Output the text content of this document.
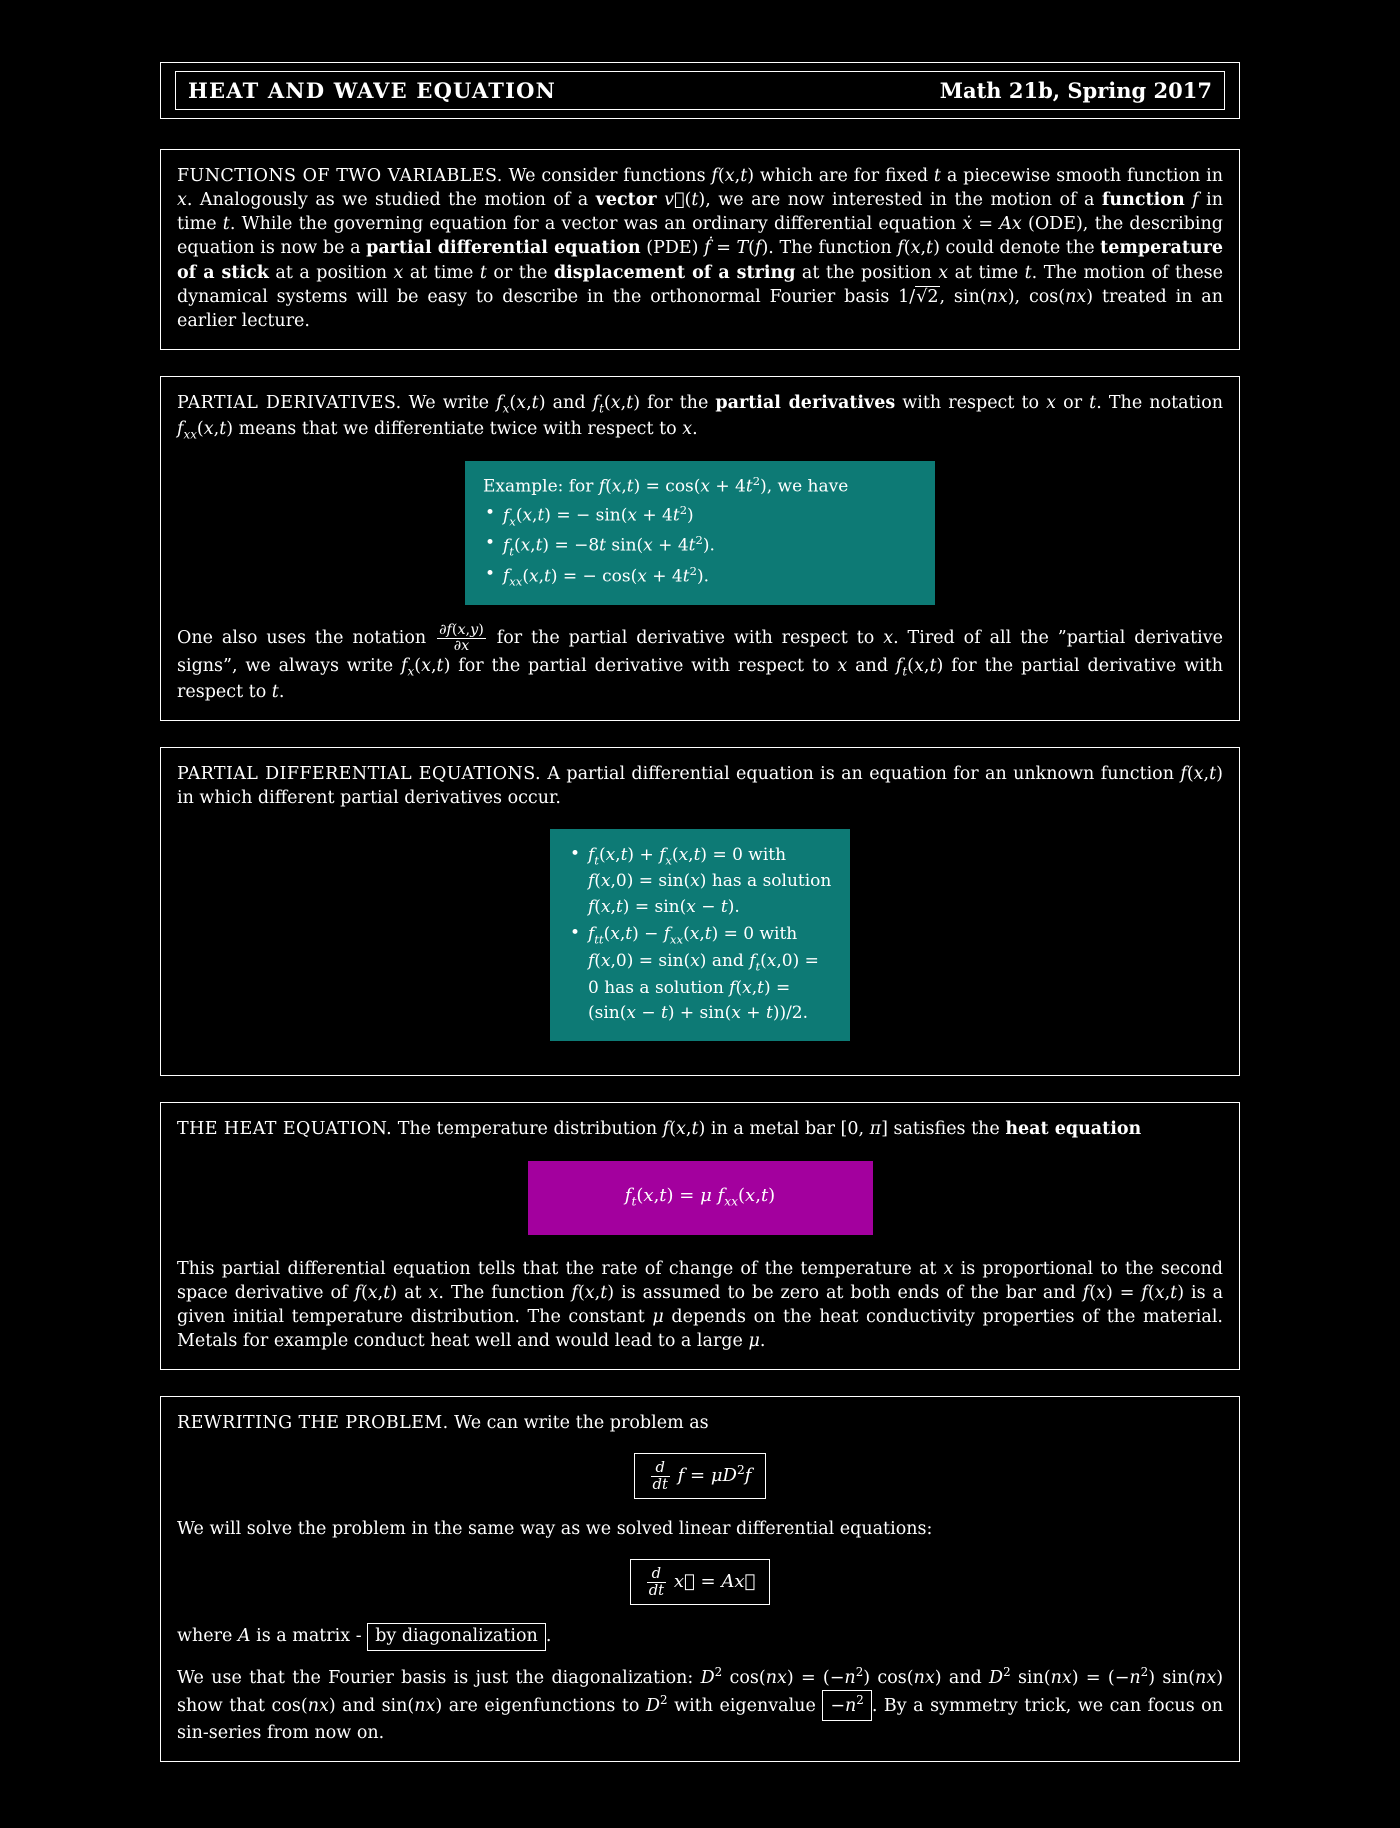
HEAT AND WAVE EQUATION	Math 21b, Spring 2017

FUNCTIONS OF TWO VARIABLES. We consider functions f(x,t) which are for fixed t a piecewise smooth function in x. Analogously as we studied the motion of a vector v⃗(t), we are now interested in the motion of a function f in time t. While the governing equation for a vector was an ordinary differential equation ẋ = Ax (ODE), the describing equation is now be a partial differential equation (PDE) ḟ = T(f). The function f(x,t) could denote the temperature of a stick at a position x at time t or the displacement of a string at the position x at time t. The motion of these dynamical systems will be easy to describe in the orthonormal Fourier basis 1/√2, sin(nx), cos(nx) treated in an earlier lecture.

PARTIAL DERIVATIVES. We write $f_x(x,t)$ and $f_t(x,t)$ for the partial derivatives with respect to x or t. The notation $f_{xx}(x,t)$ means that we differentiate twice with respect to x.

Example: for $f(x,t) = \cos(x + 4t^2)$, we have
• $f_x(x,t)$ = − $\sin(x + 4t^2)$
• $f_t(x,t) = -8t$ $\sin(x + 4t^2)$.
• $f_{xx}(x,t)$ = − $\cos(x + 4t^2)$.

One also uses the notation $\frac{\partial f(x,y)}{\partial x}$ for the partial derivative with respect to x. Tired of all the ”partial derivative signs”, we always write $f_x(x,t)$ for the partial derivative with respect to x and $f_t(x,t)$ for the partial derivative with respect to t.

PARTIAL DIFFERENTIAL EQUATIONS. A partial differential equation is an equation for an unknown function f(x,t) in which different partial derivatives occur.

• $f_t(x,t) + f_x(x,t) = 0$ with f(x,0) = sin(x) has a solution f(x,t) = sin(x − t).
• $f_{tt}(x,t) - f_{xx}(x,t) = 0$ with f(x,0) = sin(x) and $f_t(x,0) = 0$ has a solution f(x,t) = (sin(x − t) + sin(x + t))/2.

THE HEAT EQUATION. The temperature distribution f(x,t) in a metal bar [0, π] satisfies the heat equation

$f_t(x,t) = \mu$ $f_{xx}(x,t)$

This partial differential equation tells that the rate of change of the temperature at x is proportional to the second space derivative of f(x,t) at x. The function f(x,t) is assumed to be zero at both ends of the bar and f(x) = f(x,t) is a given initial temperature distribution. The constant μ depends on the heat conductivity properties of the material. Metals for example conduct heat well and would lead to a large μ.

REWRITING THE PROBLEM. We can write the problem as

$\frac{d}{dt}$ $f = \mu D^2f$

We will solve the problem in the same way as we solved linear differential equations:

$\frac{d}{dt}$ x⃗ = Ax⃗

where A is a matrix - by diagonalization .

We use that the Fourier basis is just the diagonalization: $D^2$ $\cos(nx) = (-n^2)$ cos(nx) and $D^2$ $\sin(nx) = (-n^2)$ sin(nx) show that cos(nx) and sin(nx) are eigenfunctions to $D^2$ with eigenvalue $-n^2$ . By a symmetry trick, we can focus on sin-series from now on.
